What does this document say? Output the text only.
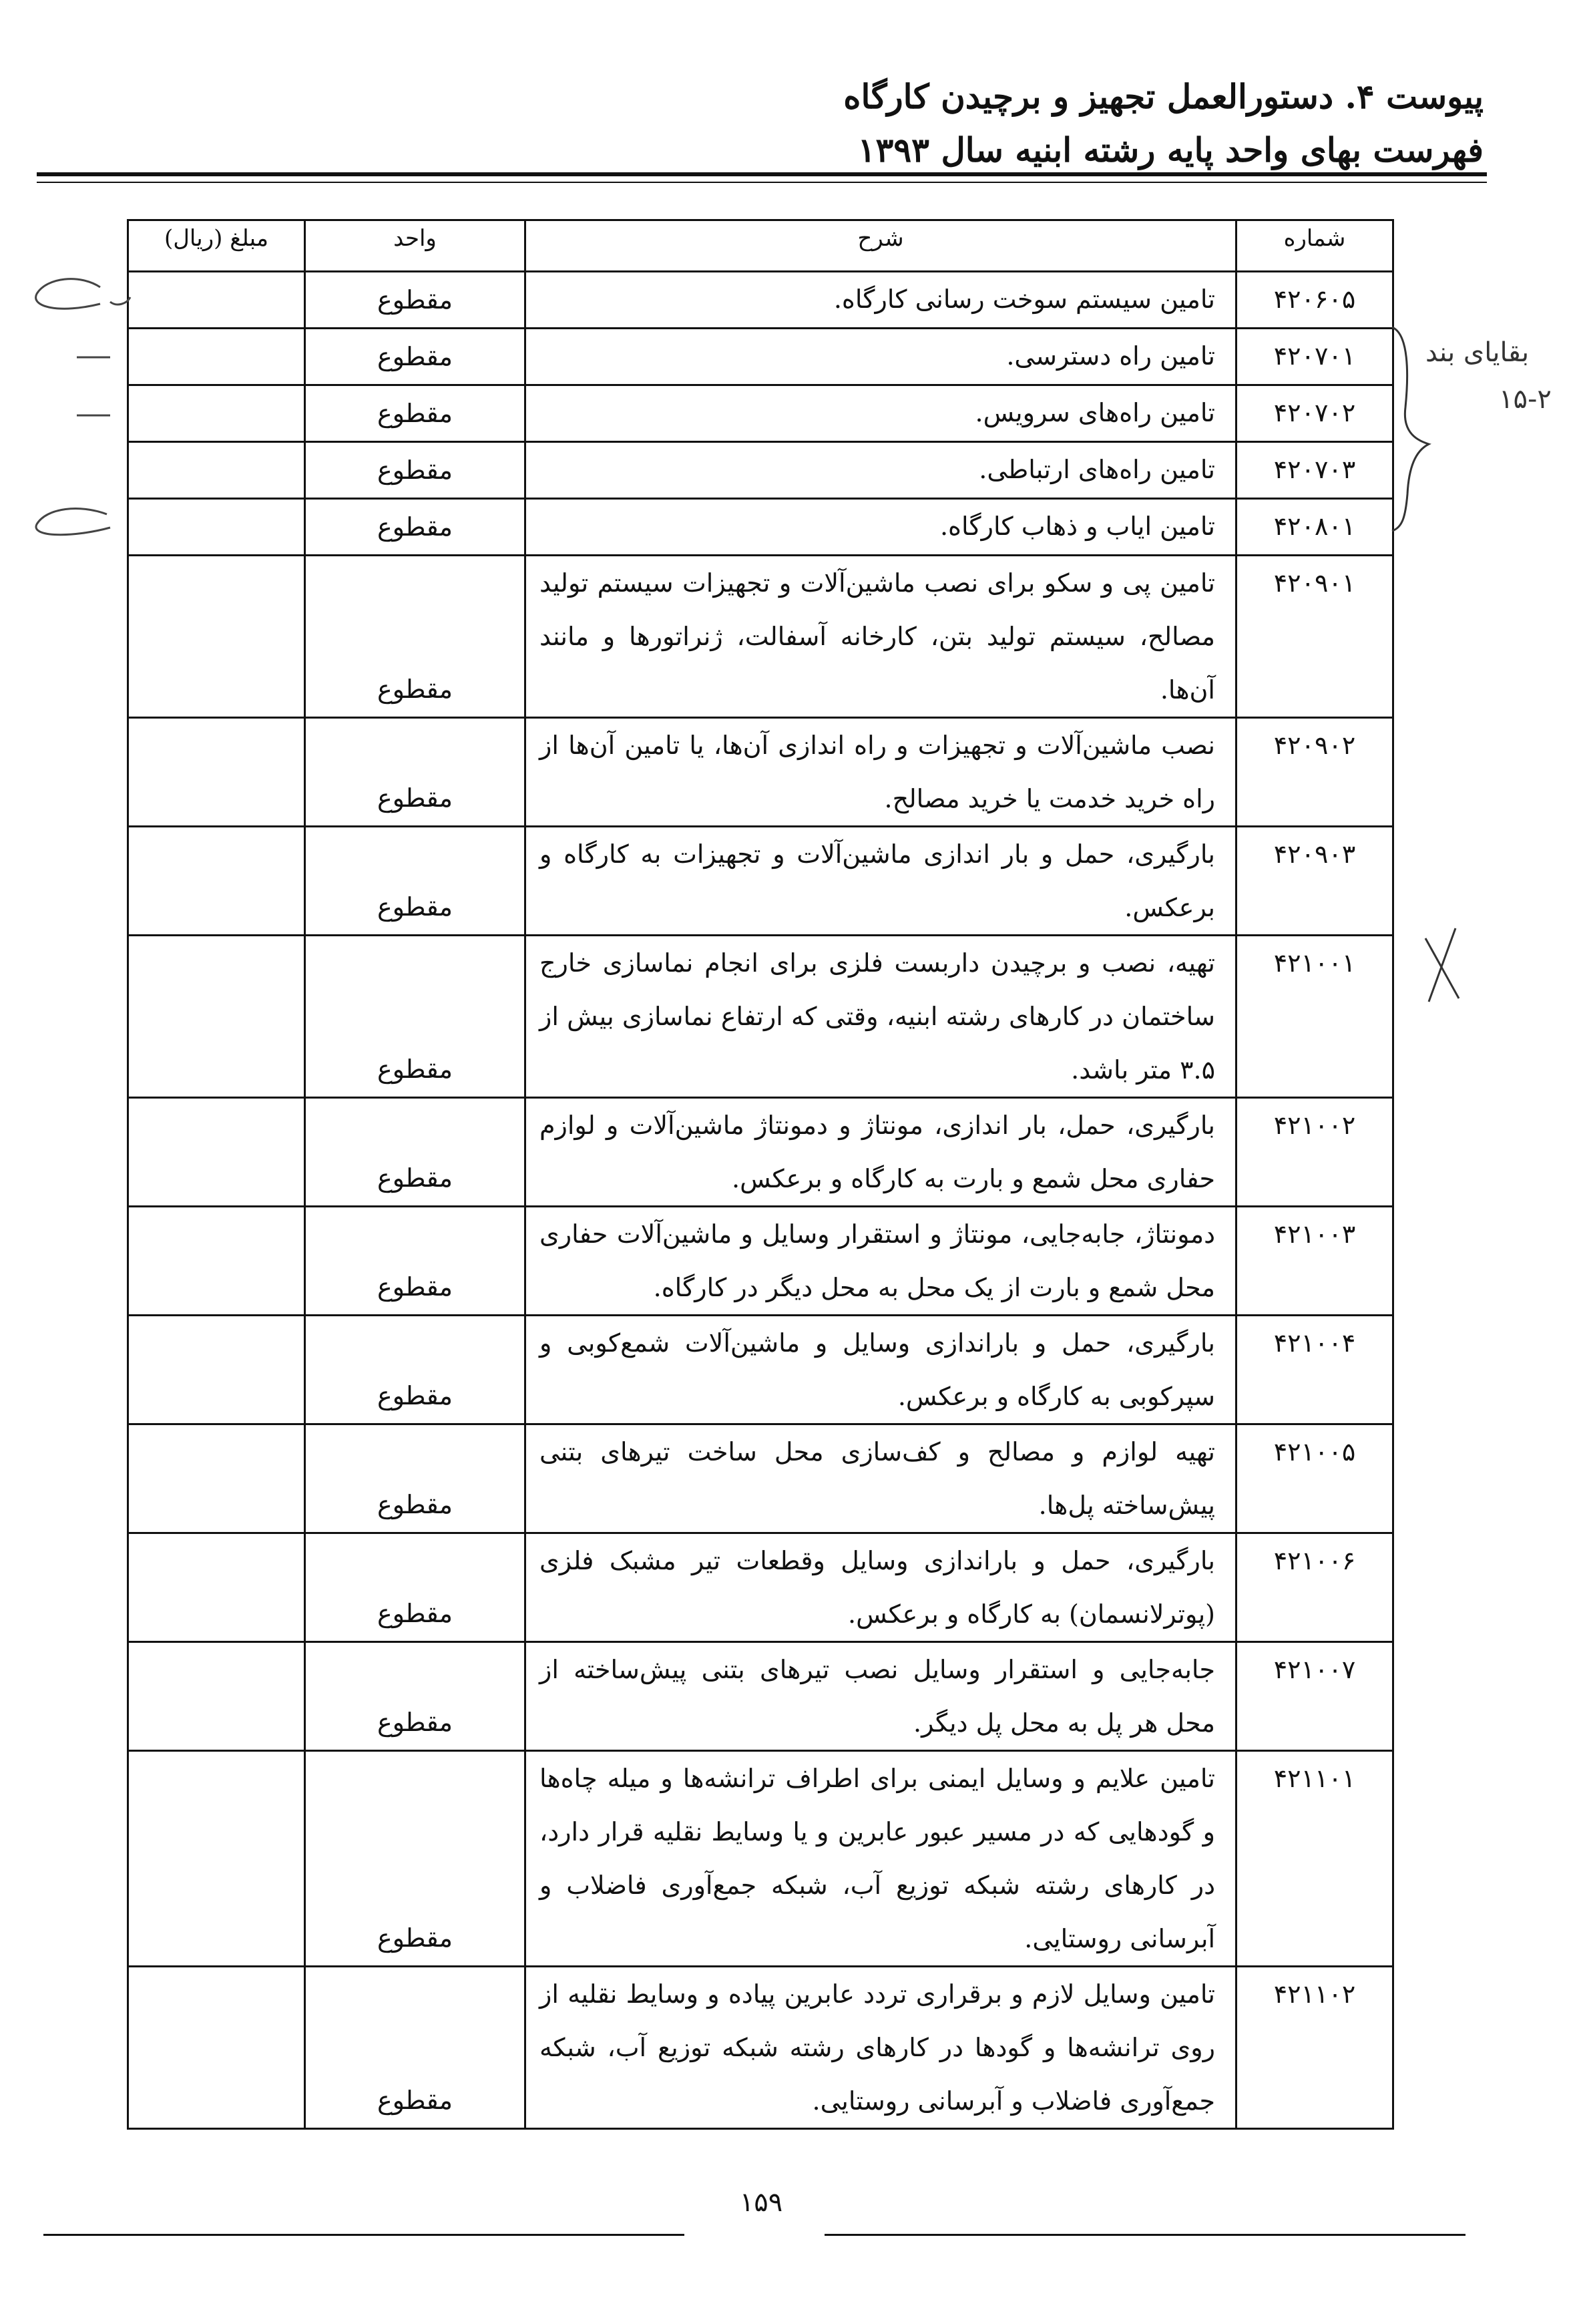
پیوست ۴. دستورالعمل تجهیز و برچیدن کارگاه
فهرست بهای واحد پایه رشته ابنیه سال ۱۳۹۳
شماره	شرح	واحد	مبلغ (ریال)
۴۲۰۶۰۵	تامین سیستم سوخت رسانی کارگاه.	مقطوع	
۴۲۰۷۰۱	تامین راه دسترسی.	مقطوع	
۴۲۰۷۰۲	تامین راه‌های سرویس.	مقطوع	
۴۲۰۷۰۳	تامین راه‌های ارتباطی.	مقطوع	
۴۲۰۸۰۱	تامین ایاب و ذهاب کارگاه.	مقطوع	
۴۲۰۹۰۱	تامین پی و سکو برای نصب ماشین‌آلات و تجهیزات سیستم تولید مصالح، سیستم تولید بتن، کارخانه آسفالت، ژنراتورها و مانند آن‌ها.	مقطوع	
۴۲۰۹۰۲	نصب ماشین‌آلات و تجهیزات و راه اندازی آن‌ها، یا تامین آن‌ها از راه خرید خدمت یا خرید مصالح.	مقطوع	
۴۲۰۹۰۳	بارگیری، حمل و بار اندازی ماشین‌آلات و تجهیزات به کارگاه و برعکس.	مقطوع	
۴۲۱۰۰۱	تهیه، نصب و برچیدن داربست فلزی برای انجام نماسازی خارج ساختمان در کارهای رشته ابنیه، وقتی که ارتفاع نماسازی بیش از ۳.۵ متر باشد.	مقطوع	
۴۲۱۰۰۲	بارگیری، حمل، بار اندازی، مونتاژ و دمونتاژ ماشین‌آلات و لوازم حفاری محل شمع و بارت به کارگاه و برعکس.	مقطوع	
۴۲۱۰۰۳	دمونتاژ، جابه‌جایی، مونتاژ و استقرار وسایل و ماشین‌آلات حفاری محل شمع و بارت از یک محل به محل دیگر در کارگاه.	مقطوع	
۴۲۱۰۰۴	بارگیری، حمل و باراندازی وسایل و ماشین‌آلات شمع‌کوبی و سپرکوبی به کارگاه و برعکس.	مقطوع	
۴۲۱۰۰۵	تهیه لوازم و مصالح و کف‌سازی محل ساخت تیرهای بتنی پیش‌ساخته پل‌ها.	مقطوع	
۴۲۱۰۰۶	بارگیری، حمل و باراندازی وسایل وقطعات تیر مشبک فلزی (پوترلانسمان) به کارگاه و برعکس.	مقطوع	
۴۲۱۰۰۷	جابه‌جایی و استقرار وسایل نصب تیرهای بتنی پیش‌ساخته از محل هر پل به محل پل دیگر.	مقطوع	
۴۲۱۱۰۱	تامین علایم و وسایل ایمنی برای اطراف ترانشه‌ها و میله چاه‌ها و گودهایی که در مسیر عبور عابرین و یا وسایط نقلیه قرار دارد، در کارهای رشته شبکه توزیع آب، شبکه جمع‌آوری فاضلاب و آبرسانی روستایی.	مقطوع	
۴۲۱۱۰۲	تامین وسایل لازم و برقراری تردد عابرین پیاده و وسایط نقلیه از روی ترانشه‌ها و گودها در کارهای رشته شبکه توزیع آب، شبکه جمع‌آوری فاضلاب و آبرسانی روستایی.	مقطوع	
۱۵۹
بقایای بند
۱۵-۲
